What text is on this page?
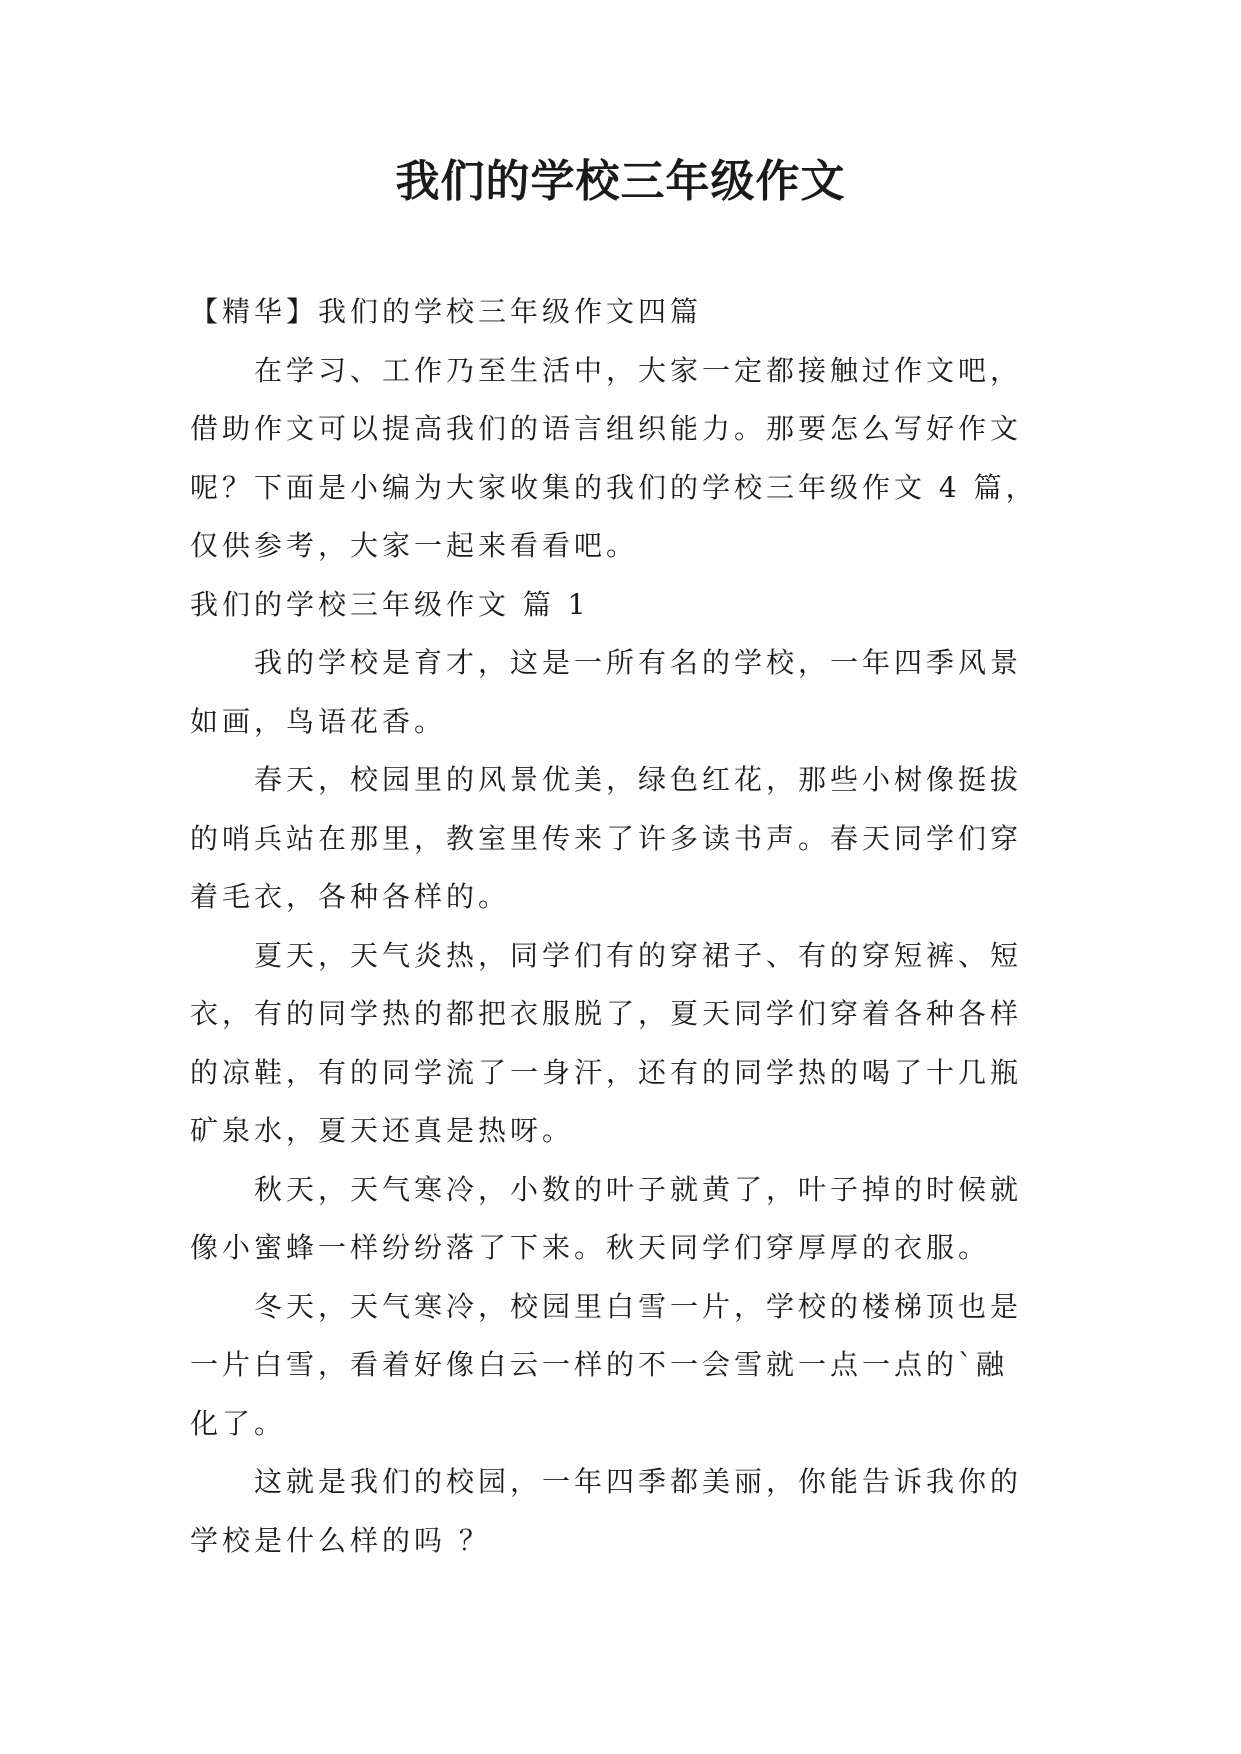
我们的学校三年级作文
【精华】我们的学校三年级作文四篇
在学习、工作乃至生活中，大家一定都接触过作文吧，
借助作文可以提高我们的语言组织能力。那要怎么写好作文
呢？下面是小编为大家收集的我们的学校三年级作文 4 篇，
仅供参考，大家一起来看看吧。
我们的学校三年级作文 篇 1
我的学校是育才，这是一所有名的学校，一年四季风景
如画，鸟语花香。
春天，校园里的风景优美，绿色红花，那些小树像挺拔
的哨兵站在那里，教室里传来了许多读书声。春天同学们穿
着毛衣，各种各样的。
夏天，天气炎热，同学们有的穿裙子、有的穿短裤、短
衣，有的同学热的都把衣服脱了，夏天同学们穿着各种各样
的凉鞋，有的同学流了一身汗，还有的同学热的喝了十几瓶
矿泉水，夏天还真是热呀。
秋天，天气寒冷，小数的叶子就黄了，叶子掉的时候就
像小蜜蜂一样纷纷落了下来。秋天同学们穿厚厚的衣服。
冬天，天气寒冷，校园里白雪一片，学校的楼梯顶也是
一片白雪，看着好像白云一样的不一会雪就一点一点的`融
化了。
这就是我们的校园，一年四季都美丽，你能告诉我你的
学校是什么样的吗 ？
